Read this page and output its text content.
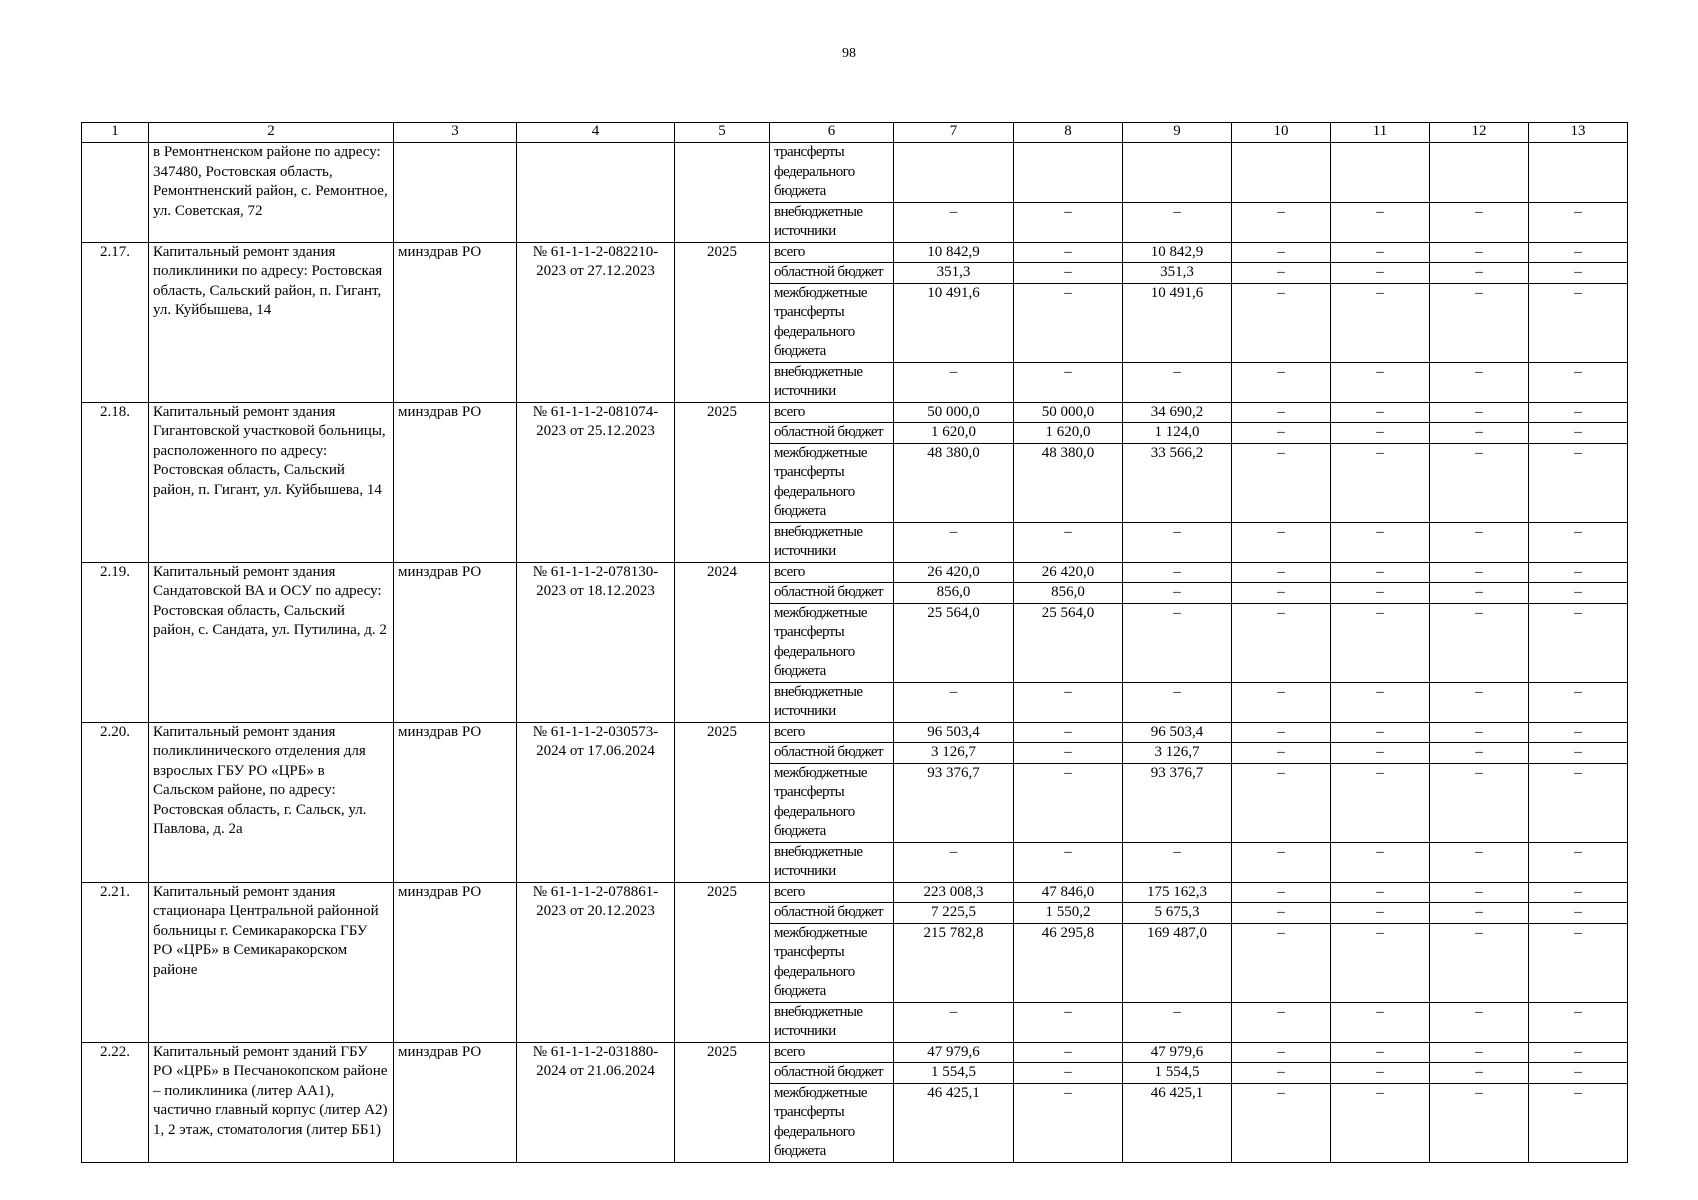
98
1	2	3	4	5	6	7	8	9	10	11	12	13
	в Ремонтненском районе по адресу: 347480, Ростовская область, Ремонтненский район, с. Ремонтное, ул. Советская, 72				трансферты федерального бюджета							
					внебюджетные источники	–	–	–	–	–	–	–
2.17.	Капитальный ремонт здания поликлиники по адресу: Ростовская область, Сальский район, п. Гигант, ул. Куйбышева, 14	минздрав РО	№ 61-1-1-2-082210-2023 от 27.12.2023	2025	всего	10 842,9	–	10 842,9	–	–	–	–
					областной бюджет	351,3	–	351,3	–	–	–	–
					межбюджетные трансферты федерального бюджета	10 491,6	–	10 491,6	–	–	–	–
					внебюджетные источники	–	–	–	–	–	–	–
2.18.	Капитальный ремонт здания Гигантовской участковой больницы, расположенного по адресу: Ростовская область, Сальский район, п. Гигант, ул. Куйбышева, 14	минздрав РО	№ 61-1-1-2-081074-2023 от 25.12.2023	2025	всего	50 000,0	50 000,0	34 690,2	–	–	–	–
					областной бюджет	1 620,0	1 620,0	1 124,0	–	–	–	–
					межбюджетные трансферты федерального бюджета	48 380,0	48 380,0	33 566,2	–	–	–	–
					внебюджетные источники	–	–	–	–	–	–	–
2.19.	Капитальный ремонт здания Сандатовской ВА и ОСУ по адресу: Ростовская область, Сальский район, с. Сандата, ул. Путилина, д. 2	минздрав РО	№ 61-1-1-2-078130-2023 от 18.12.2023	2024	всего	26 420,0	26 420,0	–	–	–	–	–
					областной бюджет	856,0	856,0	–	–	–	–	–
					межбюджетные трансферты федерального бюджета	25 564,0	25 564,0	–	–	–	–	–
					внебюджетные источники	–	–	–	–	–	–	–
2.20.	Капитальный ремонт здания поликлинического отделения для взрослых ГБУ РО «ЦРБ» в Сальском районе, по адресу: Ростовская область, г. Сальск, ул. Павлова, д. 2а	минздрав РО	№ 61-1-1-2-030573-2024 от 17.06.2024	2025	всего	96 503,4	–	96 503,4	–	–	–	–
					областной бюджет	3 126,7	–	3 126,7	–	–	–	–
					межбюджетные трансферты федерального бюджета	93 376,7	–	93 376,7	–	–	–	–
					внебюджетные источники	–	–	–	–	–	–	–
2.21.	Капитальный ремонт здания стационара Центральной районной больницы г. Семикаракорска ГБУ РО «ЦРБ» в Семикаракорском районе	минздрав РО	№ 61-1-1-2-078861-2023 от 20.12.2023	2025	всего	223 008,3	47 846,0	175 162,3	–	–	–	–
					областной бюджет	7 225,5	1 550,2	5 675,3	–	–	–	–
					межбюджетные трансферты федерального бюджета	215 782,8	46 295,8	169 487,0	–	–	–	–
					внебюджетные источники	–	–	–	–	–	–	–
2.22.	Капитальный ремонт зданий ГБУ РО «ЦРБ» в Песчанокопском районе – поликлиника (литер АА1), частично главный корпус (литер А2) 1, 2 этаж, стоматология (литер ББ1)	минздрав РО	№ 61-1-1-2-031880-2024 от 21.06.2024	2025	всего	47 979,6	–	47 979,6	–	–	–	–
					областной бюджет	1 554,5	–	1 554,5	–	–	–	–
					межбюджетные трансферты федерального бюджета	46 425,1	–	46 425,1	–	–	–	–
